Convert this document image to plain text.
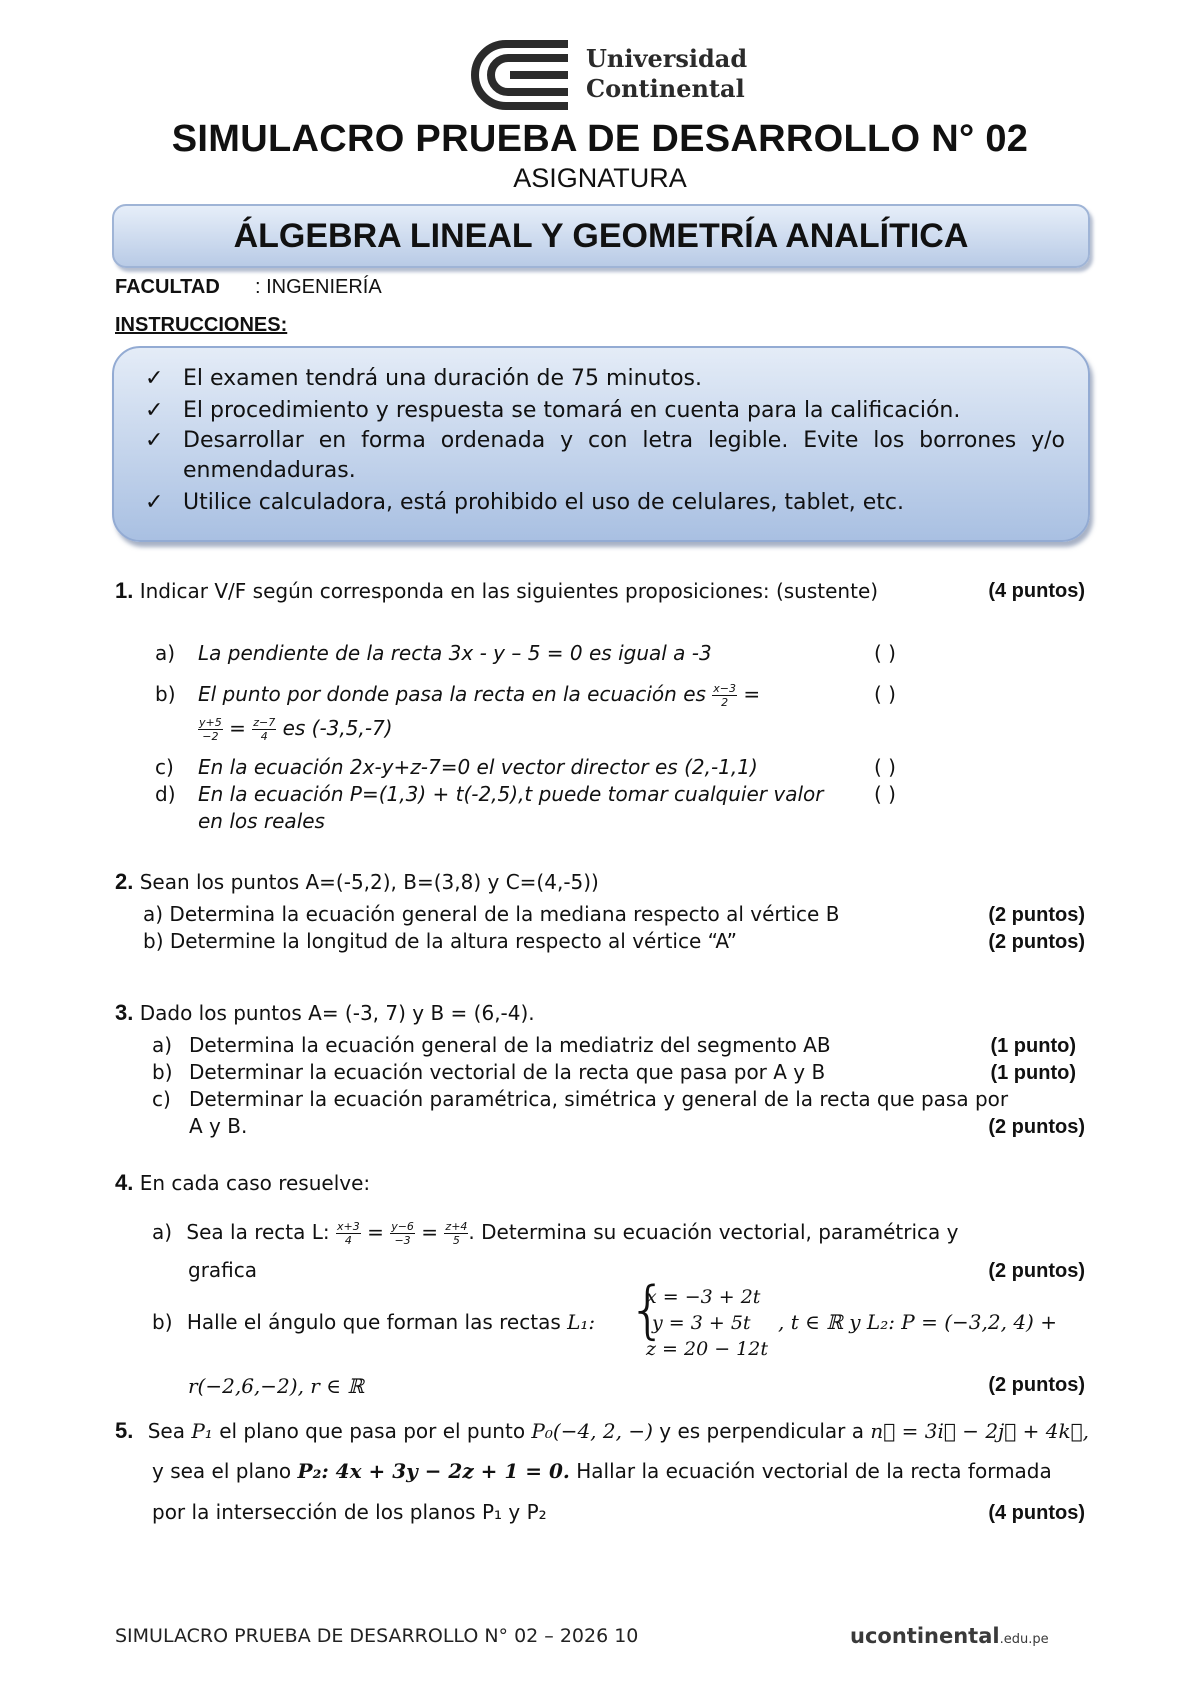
Universidad
Continental
SIMULACRO PRUEBA DE DESARROLLO N° 02
ASIGNATURA
ÁLGEBRA LINEAL Y GEOMETRÍA ANALÍTICA
FACULTAD : INGENIERÍA
INSTRUCCIONES:
✓ El examen tendrá una duración de 75 minutos.
✓ El procedimiento y respuesta se tomará en cuenta para la calificación.
✓ Desarrollar en forma ordenada y con letra legible. Evite los borrones y/o enmendaduras.
✓ Utilice calculadora, está prohibido el uso de celulares, tablet, etc.
1. Indicar V/F según corresponda en las siguientes proposiciones: (sustente)	(4 puntos)
a) La pendiente de la recta 3x - y – 5 = 0 es igual a -3	( )
b) El punto por donde pasa la recta en la ecuación es $\frac{x-3}{2}$ =	( )
$\frac{y+5}{-2} = \frac{z-7}{4}$ es (-3,5,-7)
c) En la ecuación 2x-y+z-7=0 el vector director es (2,-1,1)	( )
d) En la ecuación P=(1,3) + t(-2,5),t puede tomar cualquier valor	( )
en los reales
2. Sean los puntos A=(-5,2), B=(3,8) y C=(4,-5))
a) Determina la ecuación general de la mediana respecto al vértice B	(2 puntos)
b) Determine la longitud de la altura respecto al vértice “A”	(2 puntos)
3. Dado los puntos A= (-3, 7) y B = (6,-4).
a) Determina la ecuación general de la mediatriz del segmento AB	(1 punto)
b) Determinar la ecuación vectorial de la recta que pasa por A y B	(1 punto)
c) Determinar la ecuación paramétrica, simétrica y general de la recta que pasa por
A y B.	(2 puntos)
4. En cada caso resuelve:
a) Sea la recta L: $\frac{x+3}{4} = \frac{y-6}{-3} = \frac{z+4}{5}$ . Determina su ecuación vectorial, paramétrica y
grafica	(2 puntos)
b) Halle el ángulo que forman las rectas L₁: {
x = −3 + 2t
y = 3 + 5t
z = 20 − 12t
, t ∈ ℝ y L₂: P = (−3,2, 4) +
r(−2,6,−2), r ∈ ℝ	(2 puntos)
5. Sea P₁ el plano que pasa por el punto P₀(−4, 2, −) y es perpendicular a n⃗ = 3i⃗ − 2j⃗ + 4k⃗,
y sea el plano P₂: 4x + 3y − 2z + 1 = 0. Hallar la ecuación vectorial de la recta formada
por la intersección de los planos P₁ y P₂	(4 puntos)
SIMULACRO PRUEBA DE DESARROLLO N° 02 – 2026 10	ucontinental.edu.pe
